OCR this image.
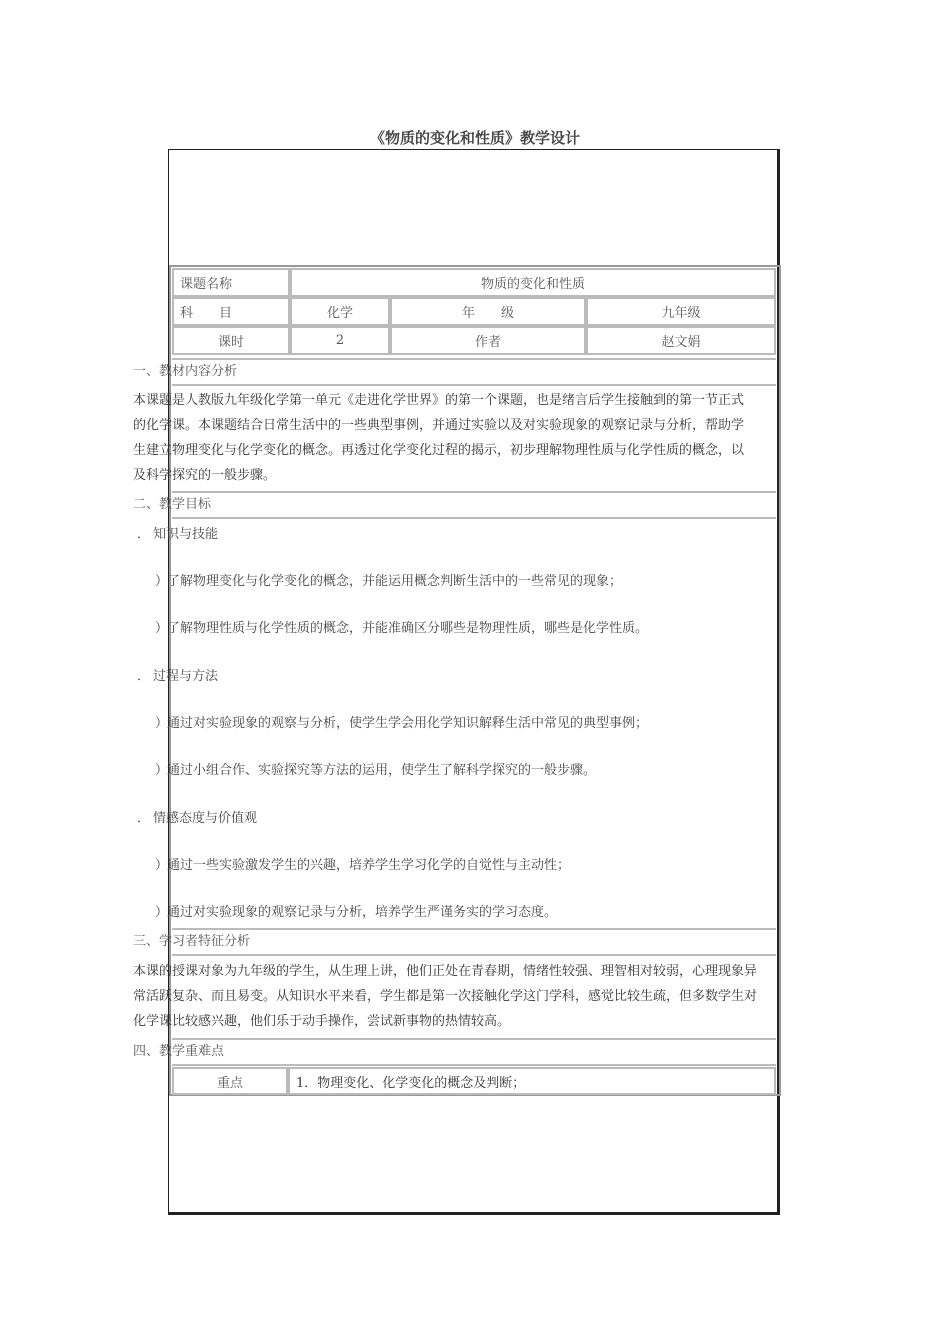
《物质的变化和性质》教学设计
课题名称	物质的变化和性质
科　　目	化学	年　　级	九年级
课时	2	作者	赵文娟
一、教材内容分析

本课题是人教版九年级化学第一单元《走进化学世界》的第一个课题，也是绪言后学生接触到的第一节正式

的化学课。本课题结合日常生活中的一些典型事例，并通过实验以及对实验现象的观察记录与分析，帮助学

生建立物理变化与化学变化的概念。再透过化学变化过程的揭示，初步理解物理性质与化学性质的概念，以

及科学探究的一般步骤。

二、教学目标
． 知识与技能
）
了解物理变化与化学变化的概念，并能运用概念判断生活中的一些常见的现象；
）
了解物理性质与化学性质的概念，并能准确区分哪些是物理性质，哪些是化学性质。
． 过程与方法
）
通过对实验现象的观察与分析，使学生学会用化学知识解释生活中常见的典型事例；
）
通过小组合作、实验探究等方法的运用，使学生了解科学探究的一般步骤。
． 情感态度与价值观
）
通过一些实验激发学生的兴趣，培养学生学习化学的自觉性与主动性；
）
通过对实验现象的观察记录与分析，培养学生严谨务实的学习态度。
三、学习者特征分析

本课的授课对象为九年级的学生，从生理上讲，他们正处在青春期，情绪性较强、理智相对较弱，心理现象异

常活跃复杂、而且易变。从知识水平来看，学生都是第一次接触化学这门学科，感觉比较生疏，但多数学生对

化学课比较感兴趣，他们乐于动手操作，尝试新事物的热情较高。

四、教学重难点
重点	1．物理变化、化学变化的概念及判断；
